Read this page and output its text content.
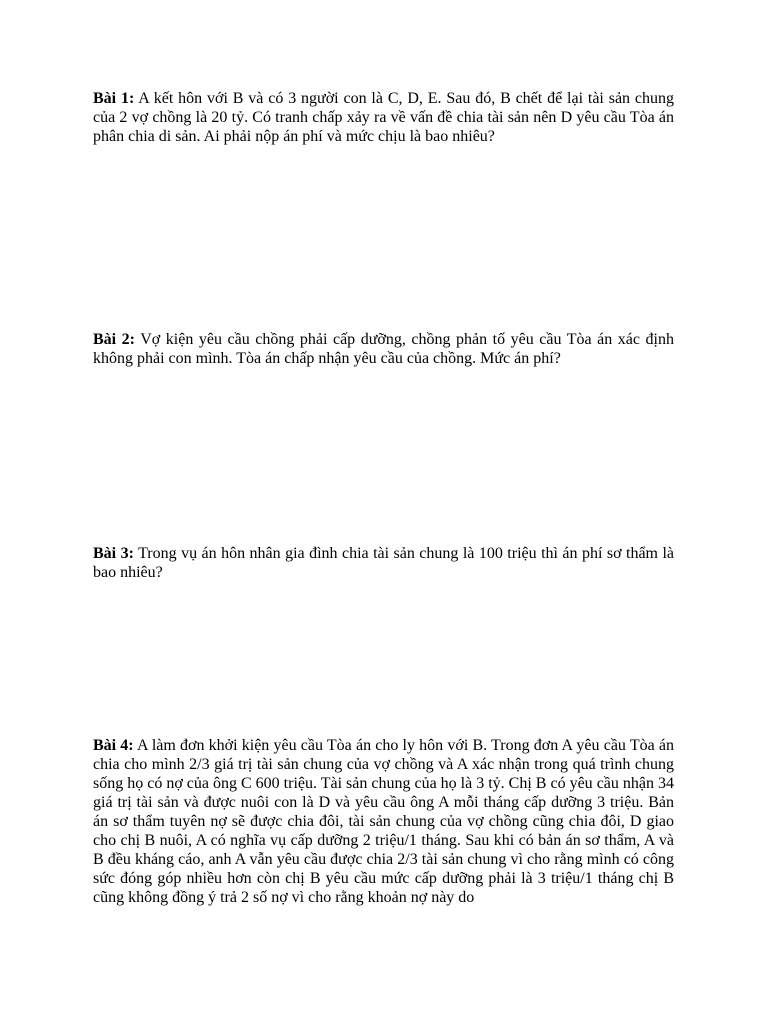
Bài 1: A kết hôn với B và có 3 người con là C, D, E. Sau đó, B chết để lại tài sản chung của 2 vợ chồng là 20 tỷ. Có tranh chấp xảy ra về vấn đề chia tài sản nên D yêu cầu Tòa án phân chia di sản. Ai phải nộp án phí và mức chịu là bao nhiêu?

Bài 2: Vợ kiện yêu cầu chồng phải cấp dưỡng, chồng phản tố yêu cầu Tòa án xác định không phải con mình. Tòa án chấp nhận yêu cầu của chồng. Mức án phí?

Bài 3: Trong vụ án hôn nhân gia đình chia tài sản chung là 100 triệu thì án phí sơ thẩm là bao nhiêu?

Bài 4: A làm đơn khởi kiện yêu cầu Tòa án cho ly hôn với B. Trong đơn A yêu cầu Tòa án chia cho mình 2/3 giá trị tài sản chung của vợ chồng và A xác nhận trong quá trình chung sống họ có nợ của ông C 600 triệu. Tài sản chung của họ là 3 tỷ. Chị B có yêu cầu nhận 34 giá trị tài sản và được nuôi con là D và yêu cầu ông A mỗi tháng cấp dưỡng 3 triệu. Bản án sơ thẩm tuyên nợ sẽ được chia đôi, tài sản chung của vợ chồng cũng chia đôi, D giao cho chị B nuôi, A có nghĩa vụ cấp dưỡng 2 triệu/1 tháng. Sau khi có bản án sơ thẩm, A và B đều kháng cáo, anh A vẫn yêu cầu được chia 2/3 tài sản chung vì cho rằng mình có công sức đóng góp nhiều hơn còn chị B yêu cầu mức cấp dưỡng phải là 3 triệu/1 tháng chị B cũng không đồng ý trả 2 số nợ vì cho rằng khoản nợ này do
